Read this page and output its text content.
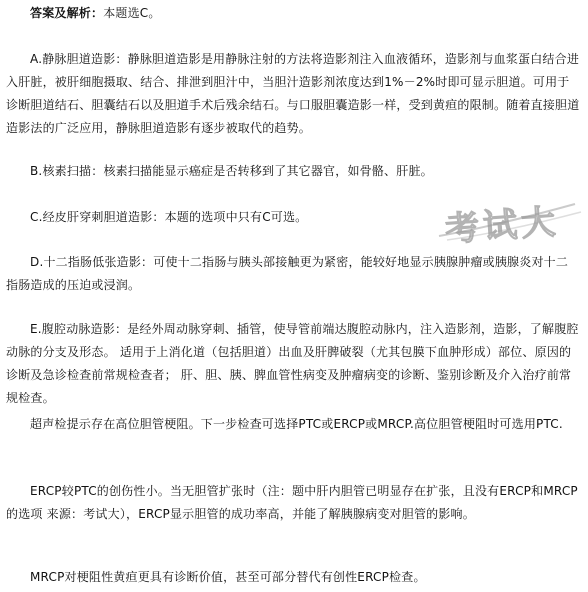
答案及解析：本题选C。

A.静脉胆道造影：静脉胆道造影是用静脉注射的方法将造影剂注入血液循环，造影剂与血浆蛋白结合进入肝脏，被肝细胞摄取、结合、排泄到胆汁中，当胆汁造影剂浓度达到1%－2%时即可显示胆道。可用于诊断胆道结石、胆囊结石以及胆道手术后残余结石。与口服胆囊造影一样，受到黄疸的限制。随着直接胆道造影法的广泛应用，静脉胆道造影有逐步被取代的趋势。

B.核素扫描：核素扫描能显示癌症是否转移到了其它器官，如骨骼、肝脏。

C.经皮肝穿刺胆道造影：本题的选项中只有C可选。

D.十二指肠低张造影：可使十二指肠与胰头部接触更为紧密，能较好地显示胰腺肿瘤或胰腺炎对十二指肠造成的压迫或浸润。

E.腹腔动脉造影：是经外周动脉穿刺、插管，使导管前端达腹腔动脉内，注入造影剂，造影，了解腹腔动脉的分支及形态。 适用于上消化道（包括胆道）出血及肝脾破裂（尤其包膜下血肿形成）部位、原因的诊断及急诊检查前常规检查者； 肝、胆、胰、脾血管性病变及肿瘤病变的诊断、鉴别诊断及介入治疗前常规检查。

超声检提示存在高位胆管梗阻。下一步检查可选择PTC或ERCP或MRCP.高位胆管梗阻时可选用PTC.

ERCP较PTC的创伤性小。当无胆管扩张时（注：题中肝内胆管已明显存在扩张，且没有ERCP和MRCP的选项 来源：考试大），ERCP显示胆管的成功率高，并能了解胰腺病变对胆管的影响。

MRCP对梗阻性黄疸更具有诊断价值，甚至可部分替代有创性ERCP检查。

考试大
